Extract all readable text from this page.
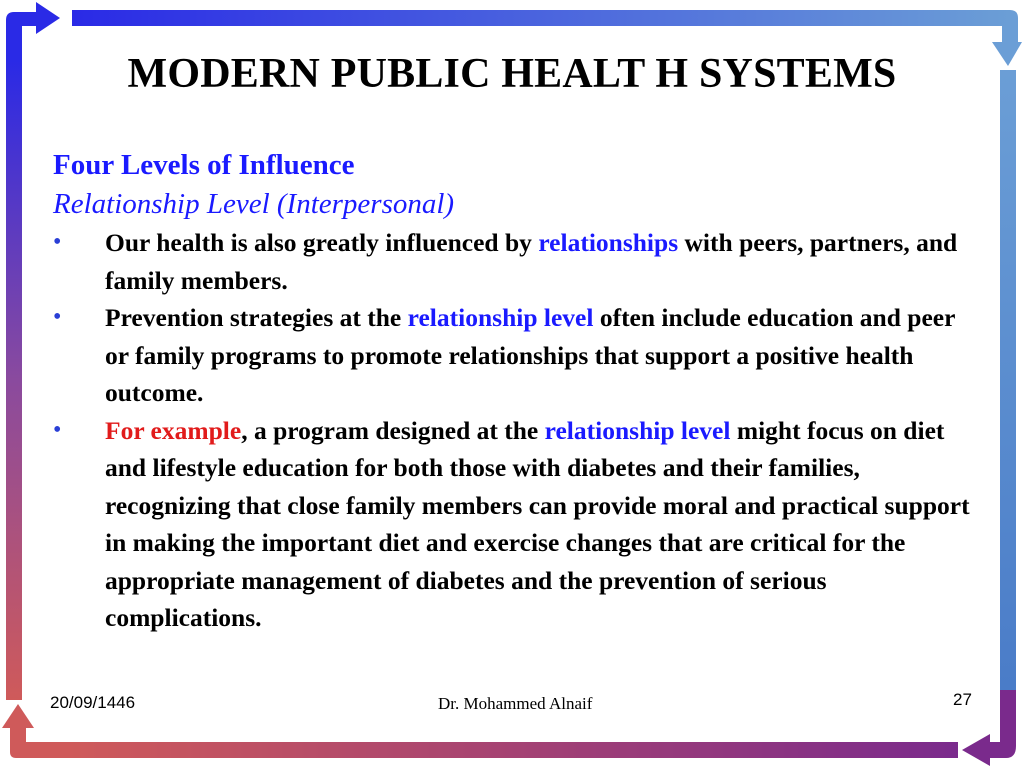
MODERN PUBLIC HEALT H SYSTEMS
Four Levels of Influence
Relationship Level (Interpersonal)
• Our health is also greatly influenced by relationships with peers, partners, and family members.
• Prevention strategies at the relationship level often include education and peer or family programs to promote relationships that support a positive health outcome.
• For example, a program designed at the relationship level might focus on diet and lifestyle education for both those with diabetes and their families, recognizing that close family members can provide moral and practical support in making the important diet and exercise changes that are critical for the appropriate management of diabetes and the prevention of serious complications.
20/09/1446	Dr. Mohammed Alnaif	27
